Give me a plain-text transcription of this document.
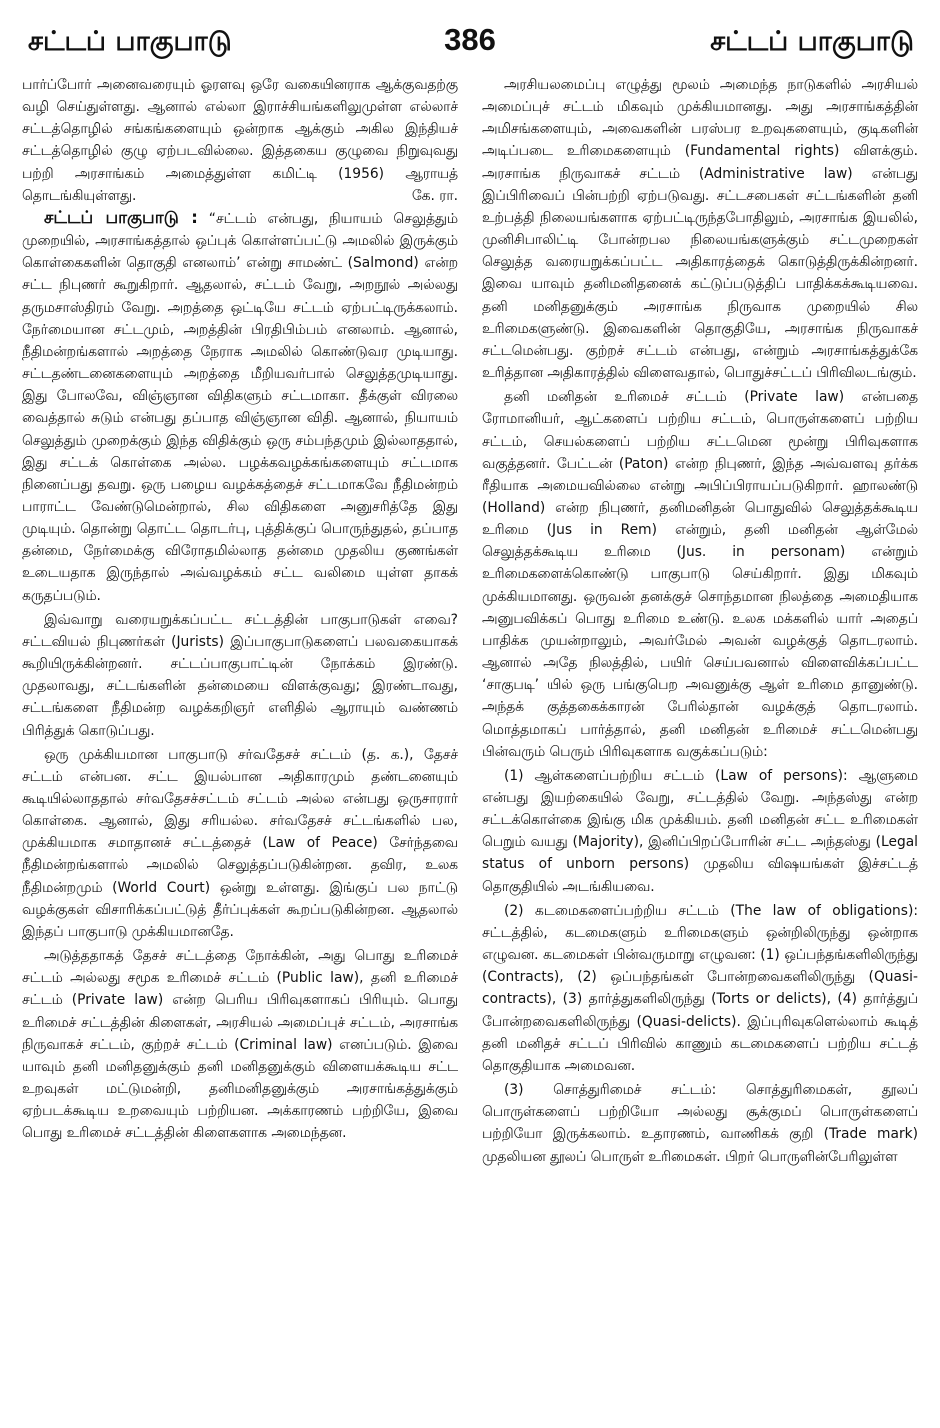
சட்டப் பாகுபாடு	386	சட்டப் பாகுபாடு

பார்ப்போர் அனைவரையும் ஓரளவு ஒரே வகையினராக ஆக்குவதற்கு வழி செய்துள்ளது. ஆனால் எல்லா இராச்சியங்களிலுமுள்ள எல்லாச் சட்டத்தொழில் சங்கங்களையும் ஒன்றாக ஆக்கும் அகில இந்தியச் சட்டத்தொழில் குழு ஏற்படவில்லை. இத்தகைய குழுவை நிறுவுவது பற்றி அரசாங்கம் அமைத்துள்ள கமிட்டி (1956) ஆராயத் தொடங்கியுள்ளது.	கே. ரா.

சட்டப் பாகுபாடு : “சட்டம் என்பது, நியாயம் செலுத்தும் முறையில், அரசாங்கத்தால் ஒப்புக் கொள்ளப்பட்டு அமலில் இருக்கும் கொள்கைகளின் தொகுதி எனலாம்’ என்று சாமண்ட் (Salmond) என்ற சட்ட நிபுணர் கூறுகிறார். ஆதலால், சட்டம் வேறு, அறநூல் அல்லது தருமசாஸ்திரம் வேறு. அறத்தை ஒட்டியே சட்டம் ஏற்பட்டிருக்கலாம். நேர்மையான சட்டமும், அறத்தின் பிரதிபிம்பம் எனலாம். ஆனால், நீதிமன்றங்களால் அறத்தை நேராக அமலில் கொண்டுவர முடியாது. சட்டதண்டனைகளையும் அறத்தை மீறியவர்பால் செலுத்தமுடியாது. இது போலவே, விஞ்ஞான விதிகளும் சட்டமாகா. தீக்குள் விரலை வைத்தால் சுடும் என்பது தப்பாத விஞ்ஞான விதி. ஆனால், நியாயம் செலுத்தும் முறைக்கும் இந்த விதிக்கும் ஒரு சம்பந்தமும் இல்லாததால், இது சட்டக் கொள்கை அல்ல. பழக்கவழக்கங்களையும் சட்டமாக நினைப்பது தவறு. ஒரு பழைய வழக்கத்தைச் சட்டமாகவே நீதிமன்றம் பாராட்ட வேண்டுமென்றால், சில விதிகளை அனுசரித்தே இது முடியும். தொன்று தொட்ட தொடர்பு, புத்திக்குப் பொருந்துதல், தப்பாத தன்மை, நேர்மைக்கு விரோதமில்லாத தன்மை முதலிய குணங்கள் உடையதாக இருந்தால் அவ்வழக்கம் சட்ட வலிமை யுள்ள தாகக் கருதப்படும்.

இவ்வாறு வரையறுக்கப்பட்ட சட்டத்தின் பாகுபாடுகள் எவை? சட்டவியல் நிபுணர்கள் (Jurists) இப்பாகுபாடுகளைப் பலவகையாகக் கூறியிருக்கின்றனர். சட்டப்பாகுபாட்டின் நோக்கம் இரண்டு. முதலாவது, சட்டங்களின் தன்மையை விளக்குவது; இரண்டாவது, சட்டங்களை நீதிமன்ற வழக்கறிஞர் எளிதில் ஆராயும் வண்ணம் பிரித்துக் கொடுப்பது.

ஒரு முக்கியமான பாகுபாடு சர்வதேசச் சட்டம் (த. க.), தேசச் சட்டம் என்பன. சட்ட இயல்பான அதிகாரமும் தண்டனையும் கூடியில்லாததால் சர்வதேசச்சட்டம் சட்டம் அல்ல என்பது ஒருசாரார் கொள்கை. ஆனால், இது சரியல்ல. சர்வதேசச் சட்டங்களில் பல, முக்கியமாக சமாதானச் சட்டத்தைச் (Law of Peace) சேர்ந்தவை நீதிமன்றங்களால் அமலில் செலுத்தப்படுகின்றன. தவிர, உலக நீதிமன்றமும் (World Court) ஒன்று உள்ளது. இங்குப் பல நாட்டு வழக்குகள் விசாரிக்கப்பட்டுத் தீர்ப்புக்கள் கூறப்படுகின்றன. ஆதலால் இந்தப் பாகுபாடு முக்கியமானதே.

அடுத்ததாகத் தேசச் சட்டத்தை நோக்கின், அது பொது உரிமைச் சட்டம் அல்லது சமூக உரிமைச் சட்டம் (Public law), தனி உரிமைச் சட்டம் (Private law) என்ற பெரிய பிரிவுகளாகப் பிரியும். பொது உரிமைச் சட்டத்தின் கிளைகள், அரசியல் அமைப்புச் சட்டம், அரசாங்க நிருவாகச் சட்டம், குற்றச் சட்டம் (Criminal law) எனப்படும். இவை யாவும் தனி மனிதனுக்கும் தனி மனிதனுக்கும் விளையக்கூடிய சட்ட உறவுகள் மட்டுமன்றி, தனிமனிதனுக்கும் அரசாங்கத்துக்கும் ஏற்படக்கூடிய உறவையும் பற்றியன. அக்காரணம் பற்றியே, இவை பொது உரிமைச் சட்டத்தின் கிளைகளாக அமைந்தன.

அரசியலமைப்பு எழுத்து மூலம் அமைந்த நாடுகளில் அரசியல் அமைப்புச் சட்டம் மிகவும் முக்கியமானது. அது அரசாங்கத்தின் அமிசங்களையும், அவைகளின் பரஸ்பர உறவுகளையும், குடிகளின் அடிப்படை உரிமைகளையும் (Fundamental rights) விளக்கும். அரசாங்க நிருவாகச் சட்டம் (Administrative law) என்பது இப்பிரிவைப் பின்பற்றி ஏற்படுவது. சட்டசபைகள் சட்டங்களின் தனி உற்பத்தி நிலையங்களாக ஏற்பட்டிருந்தபோதிலும், அரசாங்க இயலில், முனிசிபாலிட்டி போன்றபல நிலையங்களுக்கும் சட்டமுறைகள் செலுத்த வரையறுக்கப்பட்ட அதிகாரத்தைக் கொடுத்திருக்கின்றனர். இவை யாவும் தனிமனிதனைக் கட்டுப்படுத்திப் பாதிக்கக்கூடியவை. தனி மனிதனுக்கும் அரசாங்க நிருவாக முறையில் சில உரிமைகளுண்டு. இவைகளின் தொகுதியே, அரசாங்க நிருவாகச் சட்டமென்பது. குற்றச் சட்டம் என்பது, என்றும் அரசாங்கத்துக்கே உரித்தான அதிகாரத்தில் விளைவதால், பொதுச்சட்டப் பிரிவிலடங்கும்.

தனி மனிதன் உரிமைச் சட்டம் (Private law) என்பதை ரோமானியர், ஆட்களைப் பற்றிய சட்டம், பொருள்களைப் பற்றிய சட்டம், செயல்களைப் பற்றிய சட்டமென மூன்று பிரிவுகளாக வகுத்தனர். பேட்டன் (Paton) என்ற நிபுணர், இந்த அவ்வளவு தர்க்க ரீதியாக அமையவில்லை என்று அபிப்பிராயப்படுகிறார். ஹாலண்டு (Holland) என்ற நிபுணர், தனிமனிதன் பொதுவில் செலுத்தக்கூடிய உரிமை (Jus in Rem) என்றும், தனி மனிதன் ஆள்மேல் செலுத்தக்கூடிய உரிமை (Jus. in personam) என்றும் உரிமைகளைக்கொண்டு பாகுபாடு செய்கிறார். இது மிகவும் முக்கியமானது. ஒருவன் தனக்குச் சொந்தமான நிலத்தை அமைதியாக அனுபவிக்கப் பொது உரிமை உண்டு. உலக மக்களில் யார் அதைப் பாதிக்க முயன்றாலும், அவர்மேல் அவன் வழக்குத் தொடரலாம். ஆனால் அதே நிலத்தில், பயிர் செய்பவனால் விளைவிக்கப்பட்ட ‘சாகுபடி’ யில் ஒரு பங்குபெற அவனுக்கு ஆள் உரிமை தானுண்டு. அந்தக் குத்தகைக்காரன் பேரில்தான் வழக்குத் தொடரலாம். மொத்தமாகப் பார்த்தால், தனி மனிதன் உரிமைச் சட்டமென்பது பின்வரும் பெரும் பிரிவுகளாக வகுக்கப்படும்:

(1) ஆள்களைப்பற்றிய சட்டம் (Law of persons): ஆளுமை என்பது இயற்கையில் வேறு, சட்டத்தில் வேறு. அந்தஸ்து என்ற சட்டக்கொள்கை இங்கு மிக முக்கியம். தனி மனிதன் சட்ட உரிமைகள் பெறும் வயது (Majority), இனிப்பிறப்போரின் சட்ட அந்தஸ்து (Legal status of unborn persons) முதலிய விஷயங்கள் இச்சட்டத் தொகுதியில் அடங்கியவை.

(2) கடமைகளைப்பற்றிய சட்டம் (The law of obligations): சட்டத்தில், கடமைகளும் உரிமைகளும் ஒன்றிலிருந்து ஒன்றாக எழுவன. கடமைகள் பின்வருமாறு எழுவன: (1) ஒப்பந்தங்களிலிருந்து (Contracts), (2) ஒப்பந்தங்கள் போன்றவைகளிலிருந்து (Quasi-contracts), (3) தார்த்துகளிலிருந்து (Torts or delicts), (4) தார்த்துப் போன்றவைகளிலிருந்து (Quasi-delicts). இப்புரிவுகளெல்லாம் கூடித் தனி மனிதச் சட்டப் பிரிவில் காணும் கடமைகளைப் பற்றிய சட்டத் தொகுதியாக அமைவன.

(3) சொத்துரிமைச் சட்டம்: சொத்துரிமைகள், தூலப் பொருள்களைப் பற்றியோ அல்லது சூக்குமப் பொருள்களைப் பற்றியோ இருக்கலாம். உதாரணம், வாணிகக் குறி (Trade mark) முதலியன தூலப் பொருள் உரிமைகள். பிறர் பொருளின்பேரிலுள்ள
